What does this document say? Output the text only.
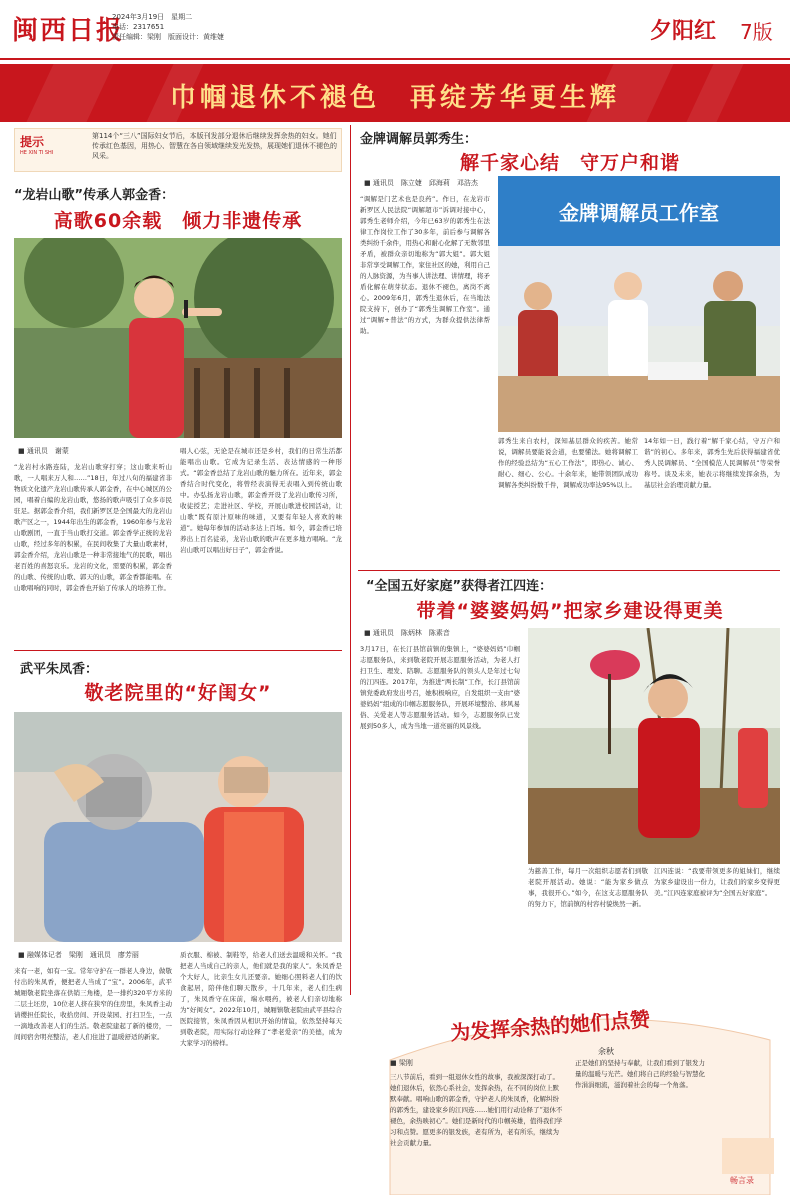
闽西日报
2024年3月19日　星期二
电话：2317651
责任编辑：梁刚　版面设计：黄维婕	夕阳红 7版
巾帼退休不褪色　再绽芳华更生辉
提示
HE XIN TI SHI
第114个“三八”国际妇女节后，本版刊发部分退休后继续发挥余热的妇女。她们传承红色基因，用热心、智慧在各自领域继续发光发热，展现她们退休不褪色的风采。
“龙岩山歌”传承人郭金香：
高歌60余载　倾力非遗传承
■ 通讯员　谢蒙
“龙岩村水路连陆，龙岩山歌穿打穿；这山歌来听山歌，一人唱来万人和……”18日，年过八旬的福建省非物质文化遗产龙岩山歌传承人郭金香，在中心城区的公园，唱着自编的龙岩山歌，悠扬的歌声吸引了众多市民驻足。据郭金香介绍，我们新罗区是全国最大的龙岩山歌产区之一，1944年出生的郭金香，1960年参与龙岩山歌剧团，一直于当山歌打交道。郭金香学正统的龙岩山歌，经过多年的积累，在民间收集了大量山歌素材，郭金香介绍，龙岩山歌是一种非常接地气的民歌，唱出老百姓的喜怒哀乐。龙岩的文化，需要的积累，郭金香的山歌、传统的山歌、郭天的山歌，郭金香都能唱。在山歌唱响的同时，郭金香也开始了传承人的培养工作。
唱人心弦，无论是在城市还是乡村，我们的日常生活都能唱出山歌。它成为记录生活、表达情感的一种形式。“郭金香总结了龙岩山歌的魅力所在。近年来，郭金香结合时代变化，将曾经表演得无表唱入到传统山歌中。办弘扬龙岩山歌，郭金香开设了龙岩山歌传习所，收徒授艺；走进社区、学校，开展山歌进校园活动，让山歌“既有原汁原味的味道，又要有年轻人喜欢的味道”。她每年参加的活动多达上百场。如今，郭金香已培养出上百名徒弟，龙岩山歌的歌声在更多地方唱响。“龙岩山歌可以唱出好日子”，郭金香说。
武平朱凤香：
敬老院里的“好闺女”
■ 融媒体记者　梁刚　通讯员　廖芳丽
来有一老，如有一宝。常年守护在一群老人身边，做敬付出的朱凤香，便把老人当成了“宝”。2006年，武平城厢敬老院坐落在供销三角楼，是一排约320平方米的二层土坯房，10位老人挤在狭窄的住房里，朱凤香主动请缨担任院长，收拾房间、开设菜园、打扫卫生，一点一滴地改善老人们的生活。敬老院建起了新的楼房，一间间宿舍明亮整洁，老人们住进了温暖舒适的新家。
质衣服、棉被、制鞋等，给老人们送去温暖和关怀。“我把老人当成自己的亲人，他们就是我的家人”。朱凤香是个大好人，比亲生女儿还要亲。她细心照料老人们的饮食起居，陪伴他们聊天散步，十几年来，老人们生病了，朱凤香守在床前，端水喂药，被老人们亲切地称为“好闺女”。2022年10月，城厢镇敬老院由武平县综合医院接管，朱凤香因从相识开始的情谊，依然坚持每天到敬老院，用实际行动诠释了“孝老爱亲”的美德，成为大家学习的榜样。
金牌调解员郭秀生：
解千家心结　守万户和谐
■ 通讯员　陈立婕　邱海莉　邓浩杰
“调解是门艺术也是良药”。作日，在龙岩市新罗区人民法院“调解超市”诉调对接中心，郭秀生老师介绍，今年已63岁的郭秀生在法律工作岗位工作了30多年，前后参与调解各类纠纷千余件，用热心和耐心化解了无数邻里矛盾，被群众亲切地称为“郭大姐”。郭大姐非常享受调解工作，家住社区的她，利用自己的人脉资源，为当事人讲法理、讲情理，将矛盾化解在萌芽状态。退休不褪色，离岗不离心。2009年6月，郭秀生退休后，在当地法院支持下，创办了“郭秀生调解工作室”。通过“调解+普法”的方式，为群众提供法律帮助。
金牌调解员工作室
郭秀生来自农村，深知基层群众的疾苦。她常说，调解员要能说会道，也要懂法。她将调解工作的经验总结为“五心工作法”，即热心、诚心、耐心、细心、公心。十余年来，她带领团队成功调解各类纠纷数千件，调解成功率达95%以上。
14年如一日，践行着“解千家心结，守万户和谐”的初心。多年来，郭秀生先后获得福建省优秀人民调解员、“全国模范人民调解员”等荣誉称号。谈及未来，她表示将继续发挥余热，为基层社会治理贡献力量。
“全国五好家庭”获得者江四连：
带着“婆婆妈妈”把家乡建设得更美
■ 通讯员　陈炳林　陈素音
3月17日，在长汀县馆前镇的集镇上，“婆婆妈妈”巾帼志愿服务队，来到敬老院开展志愿服务活动，为老人打扫卫生、理发、陪聊。志愿服务队的领头人是年过七旬的江四连。2017年，为推进“两长制”工作，长汀县馆前镇党委政府发出号召，她积极响应，自发组织一支由“婆婆妈妈”组成的巾帼志愿服务队，开展环境整治、移风易俗、关爱老人等志愿服务活动。如今，志愿服务队已发展到50多人，成为当地一道亮丽的风景线。
为慈善工作，每月一次组织志愿者们到敬老院开展活动。她说：“能为家乡做点事，我很开心。”如今，在这支志愿服务队的努力下，馆前镇的村容村貌焕然一新。
江四连说：“我要带领更多的姐妹们，继续为家乡建设出一份力，让我们的家乡变得更美。”江四连家庭被评为“全国五好家庭”。
为发挥余热的她们点赞
■ 梁刚
余秋
三八节前后，看到一组退休女性的故事，我被深深打动了。她们退休后，依然心系社会，发挥余热，在不同的岗位上默默奉献。唱响山歌的郭金香，守护老人的朱凤香，化解纠纷的郭秀生，建设家乡的江四连……她们用行动诠释了“退休不褪色，余热映初心”。她们是新时代的巾帼英雄，值得我们学习和点赞。愿更多的银发族，老有所为，老有所乐，继续为社会贡献力量。
正是她们的坚持与奉献，让我们看到了银发力量的温暖与光芒。她们将自己的经验与智慧化作涓涓细流，滋润着社会的每一个角落。
畅言录
